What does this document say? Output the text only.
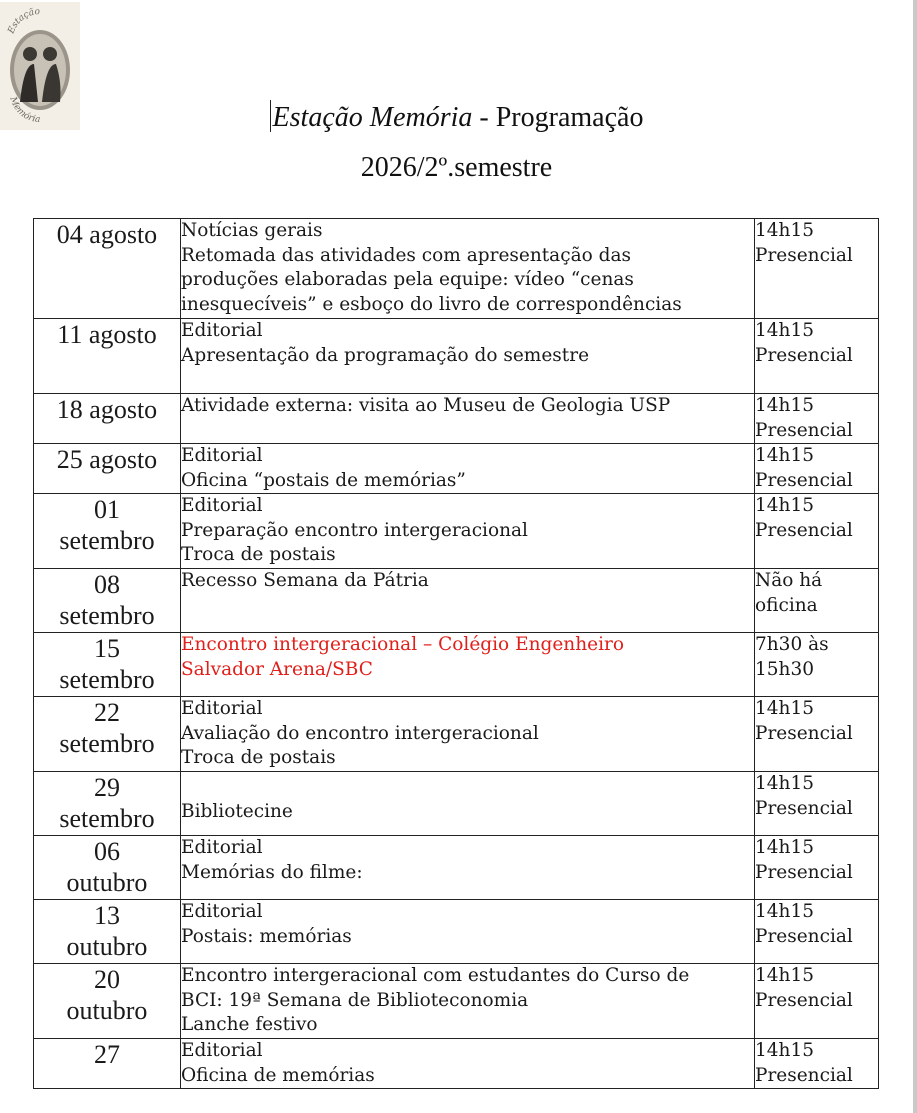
Estação
Memória	Estação Memória - Programação
2026/2º.semestre
04 agosto	Notícias gerais
Retomada das atividades com apresentação das
produções elaboradas pela equipe: vídeo “cenas
inesquecíveis” e esboço do livro de correspondências	14h15
Presencial

11 agosto	Editorial
Apresentação da programação do semestre	14h15
Presencial

18 agosto	Atividade externa: visita ao Museu de Geologia USP	14h15
Presencial

25 agosto	Editorial
Oficina “postais de memórias”	14h15
Presencial

01
setembro	Editorial
Preparação encontro intergeracional
Troca de postais	14h15
Presencial

08
setembro	Recesso Semana da Pátria	Não há
oficina

15
setembro	Encontro intergeracional – Colégio Engenheiro
Salvador Arena/SBC	7h30 às
15h30

22
setembro	Editorial
Avaliação do encontro intergeracional
Troca de postais	14h15
Presencial

29
setembro	Bibliotecine	14h15
Presencial

06
outubro	Editorial
Memórias do filme:	14h15
Presencial

13
outubro	Editorial
Postais: memórias	14h15
Presencial

20
outubro	Encontro intergeracional com estudantes do Curso de
BCI: 19ª Semana de Biblioteconomia
Lanche festivo	14h15
Presencial

27	Editorial
Oficina de memórias	14h15
Presencial
